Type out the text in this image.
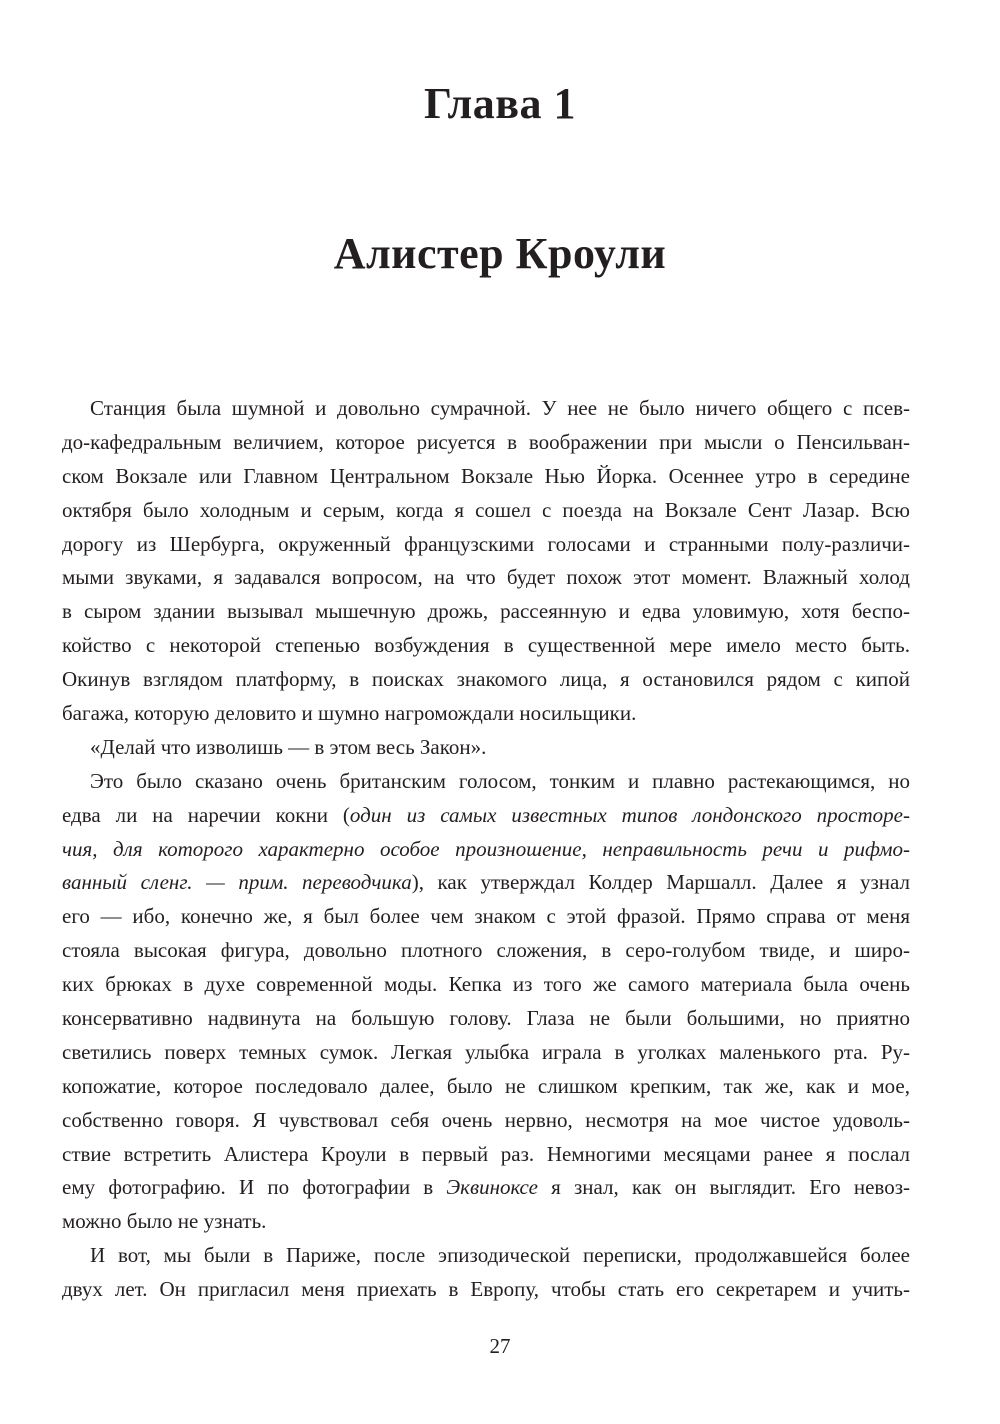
Глава 1
Алистер Кроули
Станция была шумной и довольно сумрачной. У нее не было ничего общего с псев-
до-кафедральным величием, которое рисуется в воображении при мысли о Пенсильван-
ском Вокзале или Главном Центральном Вокзале Нью Йорка. Осеннее утро в середине
октября было холодным и серым, когда я сошел с поезда на Вокзале Сент Лазар. Всю
дорогу из Шербурга, окруженный французскими голосами и странными полу-различи-
мыми звуками, я задавался вопросом, на что будет похож этот момент. Влажный холод
в сыром здании вызывал мышечную дрожь, рассеянную и едва уловимую, хотя беспо-
койство с некоторой степенью возбуждения в существенной мере имело место быть.
Окинув взглядом платформу, в поисках знакомого лица, я остановился рядом с кипой
багажа, которую деловито и шумно нагромождали носильщики.
«Делай что изволишь — в этом весь Закон».
Это было сказано очень британским голосом, тонким и плавно растекающимся, но
едва ли на наречии кокни (один из самых известных типов лондонского просторе-
чия, для которого характерно особое произношение, неправильность речи и рифмо-
ванный сленг. — прим. переводчика), как утверждал Колдер Маршалл. Далее я узнал
его — ибо, конечно же, я был более чем знаком с этой фразой. Прямо справа от меня
стояла высокая фигура, довольно плотного сложения, в серо-голубом твиде, и широ-
ких брюках в духе современной моды. Кепка из того же самого материала была очень
консервативно надвинута на большую голову. Глаза не были большими, но приятно
светились поверх темных сумок. Легкая улыбка играла в уголках маленького рта. Ру-
копожатие, которое последовало далее, было не слишком крепким, так же, как и мое,
собственно говоря. Я чувствовал себя очень нервно, несмотря на мое чистое удоволь-
ствие встретить Алистера Кроули в первый раз. Немногими месяцами ранее я послал
ему фотографию. И по фотографии в Эквиноксе я знал, как он выглядит. Его невоз-
можно было не узнать.
И вот, мы были в Париже, после эпизодической переписки, продолжавшейся более
двух лет. Он пригласил меня приехать в Европу, чтобы стать его секретарем и учить-
27
